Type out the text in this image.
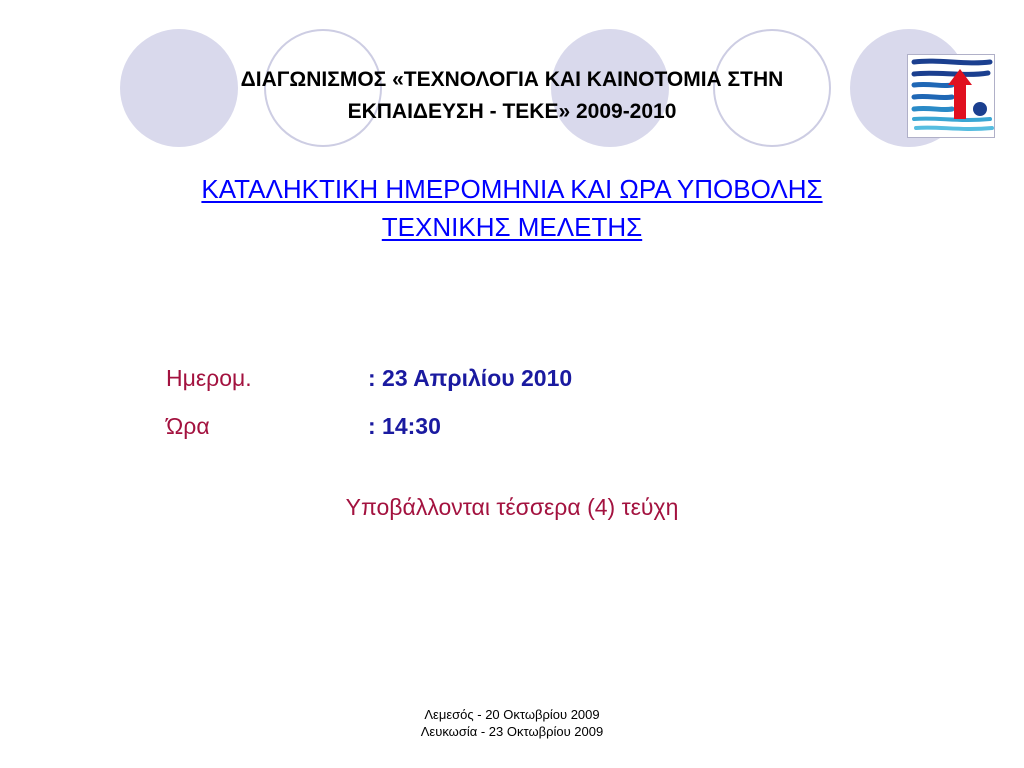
ΔΙΑΓΩΝΙΣΜΟΣ «ΤΕΧΝΟΛΟΓΙΑ ΚΑΙ ΚΑΙΝΟΤΟΜΙΑ ΣΤΗΝ
ΕΚΠΑΙΔΕΥΣΗ - ΤΕΚΕ» 2009-2010
ΚΑΤΑΛΗΚΤΙΚΗ ΗΜΕΡΟΜΗΝΙΑ ΚΑΙ ΩΡΑ ΥΠΟΒΟΛΗΣ
ΤΕΧΝΙΚΗΣ ΜΕΛΕΤΗΣ
Ημερομ.	: 23 Απριλίου 2010
Ώρα	: 14:30
Υποβάλλονται τέσσερα (4) τεύχη
Λεμεσός - 20 Οκτωβρίου 2009
Λευκωσία - 23 Οκτωβρίου 2009
